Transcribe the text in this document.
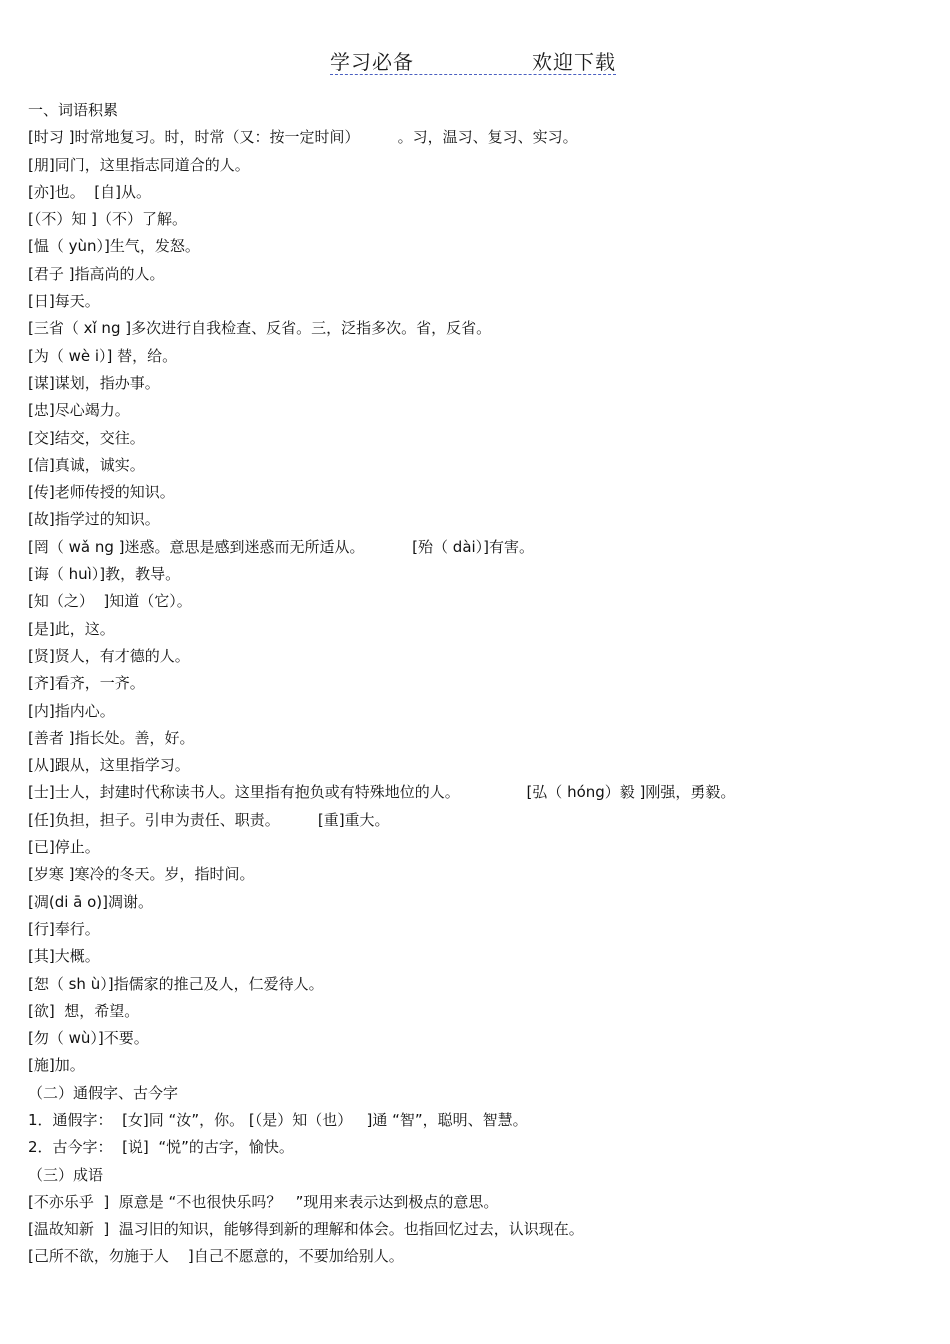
学习必备	欢迎下载
一、词语积累
[时习 ]时常地复习。时，时常（又：按一定时间）        。习，温习、复习、实习。
[朋]同门，这里指志同道合的人。
[亦]也。  [自]从。
[（不）知 ]（不）了解。
[愠（ yùn）]生气，发怒。
[君子 ]指高尚的人。
[日]每天。
[三省（ xǐ ng ]多次进行自我检查、反省。三，泛指多次。省，反省。
[为（ wè i）] 替，给。
[谋]谋划，指办事。
[忠]尽心竭力。
[交]结交，交往。
[信]真诚，诚实。
[传]老师传授的知识。
[故]指学过的知识。
[罔（ wǎ ng ]迷惑。意思是感到迷惑而无所适从。          [殆（ dài）]有害。
[诲（ huì）]教，教导。
[知（之）  ]知道（它）。
[是]此，这。
[贤]贤人，有才德的人。
[齐]看齐，一齐。
[内]指内心。
[善者 ]指长处。善，好。
[从]跟从，这里指学习。
[士]士人，封建时代称读书人。这里指有抱负或有特殊地位的人。              [弘（ hóng）毅 ]刚强，勇毅。
[任]负担，担子。引申为责任、职责。        [重]重大。
[已]停止。
[岁寒 ]寒冷的冬天。岁，指时间。
[凋(di ā o)]凋谢。
[行]奉行。
[其]大概。
[恕（ sh ù）]指儒家的推己及人，仁爱待人。
[欲]  想，希望。
[勿（ wù）]不要。
[施]加。
（二）通假字、古今字
1．通假字：  [女]同 “汝”，你。 [（是）知（也）   ]通 “智”，聪明、智慧。
2．古今字：  [说]  “悦”的古字，愉快。
（三）成语
[不亦乐乎  ]  原意是 “不也很快乐吗？   ”现用来表示达到极点的意思。
[温故知新  ]  温习旧的知识，能够得到新的理解和体会。也指回忆过去，认识现在。
[己所不欲，勿施于人    ]自己不愿意的，不要加给别人。
